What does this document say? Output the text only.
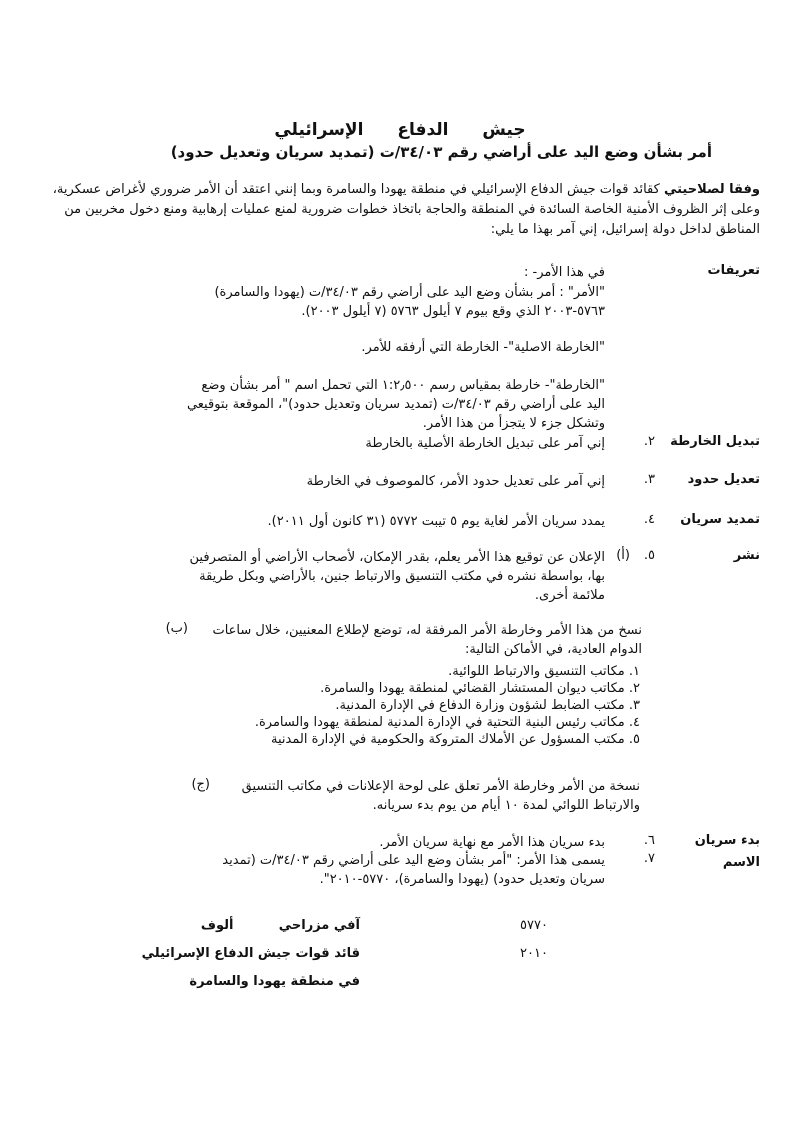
جيش الدفاع الإسرائيلي
أمر بشأن وضع اليد على أراضي رقم ٣٤/٠٣/ت (تمديد سريان وتعديل حدود)
وفقا لصلاحيتي كقائد قوات جيش الدفاع الإسرائيلي في منطقة يهودا والسامرة وبما إنني اعتقد أن الأمر ضروري لأغراض عسكرية، وعلى إثر الظروف الأمنية الخاصة السائدة في المنطقة والحاجة باتخاذ خطوات ضرورية لمنع عمليات إرهابية ومنع دخول مخربين من المناطق لداخل دولة إسرائيل، إني آمر بهذا ما يلي:
تعريفات
في هذا الأمر- :
"الأمر" : أمر بشأن وضع اليد على أراضي رقم ٣٤/٠٣/ت (يهودا والسامرة) ٥٧٦٣-٢٠٠٣ الذي وقع بيوم ٧ أيلول ٥٧٦٣ (٧ أيلول ٢٠٠٣).
"الخارطة الاصلية"- الخارطة التي أرفقه للأمر.
"الخارطة"- خارطة بمقياس رسم ١:٢٫٥٠٠ التي تحمل اسم " أمر بشأن وضع اليد على أراضي رقم ٣٤/٠٣/ت (تمديد سريان وتعديل حدود)"، الموقعة بتوقيعي وتشكل جزء لا يتجزأ من هذا الأمر.
٢.	تبديل الخارطة
إني آمر على تبديل الخارطة الأصلية بالخارطة
٣.	تعديل حدود
إني آمر على تعديل حدود الأمر، كالموصوف في الخارطة
٤.	تمديد سريان
يمدد سريان الأمر لغاية يوم ٥ تيبت ٥٧٧٢ (٣١ كانون أول ٢٠١١).
٥.	نشر
(أ)
الإعلان عن توقيع هذا الأمر يعلم، بقدر الإمكان، لأصحاب الأراضي أو المتصرفين بها، بواسطة نشره في مكتب التنسيق والارتباط جنين، بالأراضي وبكل طريقة ملائمة أخرى.
(ب)	نسخ من هذا الأمر وخارطة الأمر المرفقة له، توضع لإطلاع المعنيين، خلال ساعات الدوام العادية، في الأماكن التالية:
١. مكاتب التنسيق والارتباط اللوائية.
٢. مكاتب ديوان المستشار القضائي لمنطقة يهودا والسامرة.
٣. مكتب الضابط لشؤون وزارة الدفاع في الإدارة المدنية.
٤. مكاتب رئيس البنية التحتية في الإدارة المدنية لمنطقة يهودا والسامرة.
٥. مكتب المسؤول عن الأملاك المتروكة والحكومية في الإدارة المدنية
(ج)	نسخة من الأمر وخارطة الأمر تعلق على لوحة الإعلانات في مكاتب التنسيق والارتباط اللوائي لمدة ١٠ أيام من يوم بدء سريانه.
٦.	بدء سريان
بدء سريان هذا الأمر مع نهاية سريان الأمر.
٧.	الاسم
يسمى هذا الأمر: "أمر بشأن وضع اليد على أراضي رقم ٣٤/٠٣/ت (تمديد سريان وتعديل حدود) (يهودا والسامرة)، ٥٧٧٠-٢٠١٠".
آفي مزراحي          ألوف
قائد قوات جيش الدفاع الإسرائيلي
في منطقة يهودا والسامرة
٥٧٧٠
٢٠١٠
